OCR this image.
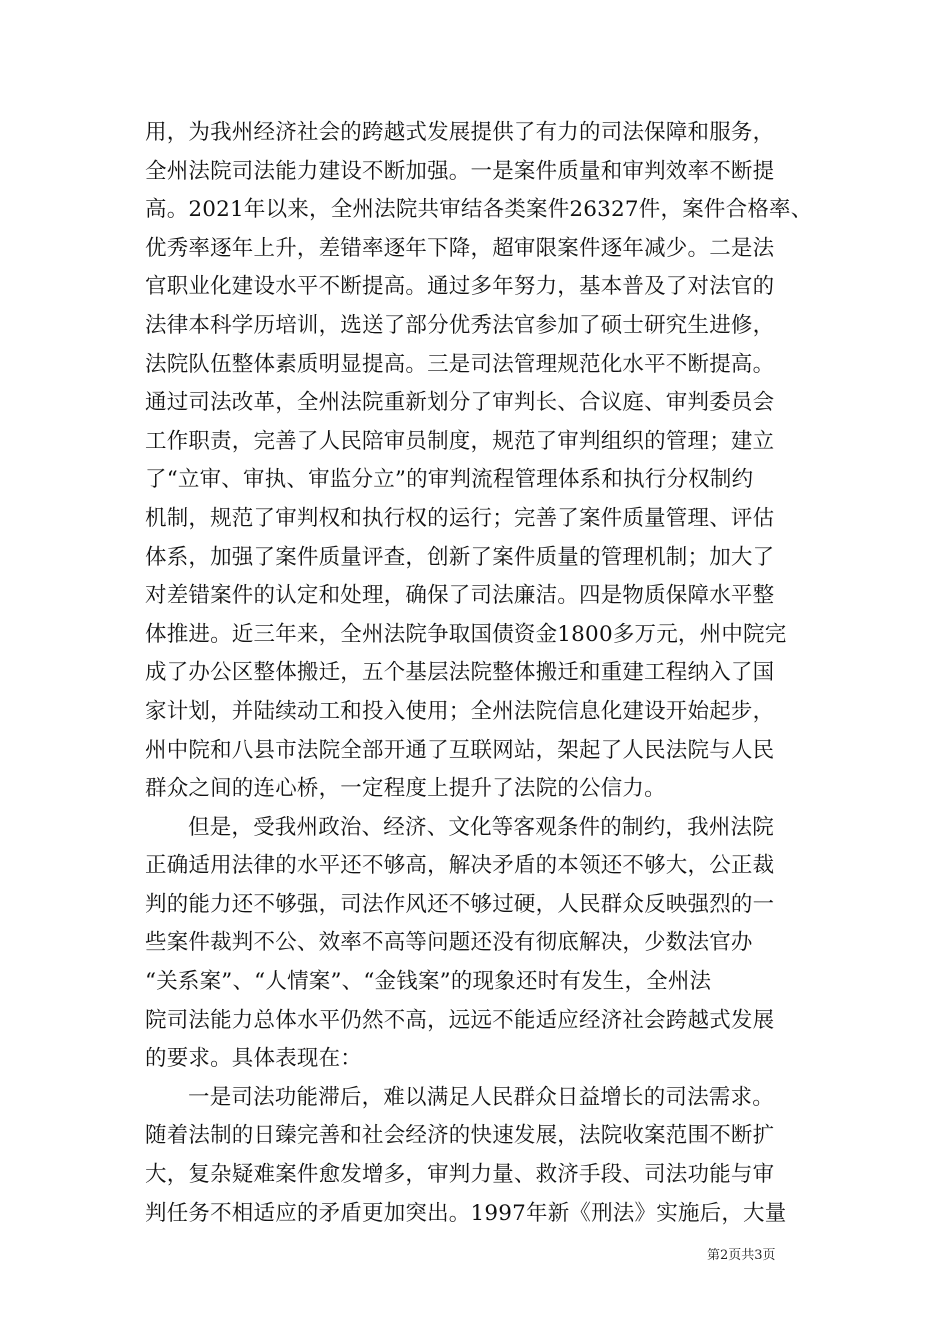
用，为我州经济社会的跨越式发展提供了有力的司法保障和服务，
全州法院司法能力建设不断加强。一是案件质量和审判效率不断提
高。2021年以来，全州法院共审结各类案件26327件，案件合格率、
优秀率逐年上升，差错率逐年下降，超审限案件逐年减少。二是法
官职业化建设水平不断提高。通过多年努力，基本普及了对法官的
法律本科学历培训，选送了部分优秀法官参加了硕士研究生进修，
法院队伍整体素质明显提高。三是司法管理规范化水平不断提高。
通过司法改革，全州法院重新划分了审判长、合议庭、审判委员会
工作职责，完善了人民陪审员制度，规范了审判组织的管理；建立
了“立审、审执、审监分立”的审判流程管理体系和执行分权制约
机制，规范了审判权和执行权的运行；完善了案件质量管理、评估
体系，加强了案件质量评查，创新了案件质量的管理机制；加大了
对差错案件的认定和处理，确保了司法廉洁。四是物质保障水平整
体推进。近三年来，全州法院争取国债资金1800多万元，州中院完
成了办公区整体搬迁，五个基层法院整体搬迁和重建工程纳入了国
家计划，并陆续动工和投入使用；全州法院信息化建设开始起步，
州中院和八县市法院全部开通了互联网站，架起了人民法院与人民
群众之间的连心桥，一定程度上提升了法院的公信力。
但是，受我州政治、经济、文化等客观条件的制约，我州法院
正确适用法律的水平还不够高，解决矛盾的本领还不够大，公正裁
判的能力还不够强，司法作风还不够过硬，人民群众反映强烈的一
些案件裁判不公、效率不高等问题还没有彻底解决，少数法官办
“关系案”、“人情案”、“金钱案”的现象还时有发生，全州法
院司法能力总体水平仍然不高，远远不能适应经济社会跨越式发展
的要求。具体表现在：
一是司法功能滞后，难以满足人民群众日益增长的司法需求。
随着法制的日臻完善和社会经济的快速发展，法院收案范围不断扩
大，复杂疑难案件愈发增多，审判力量、救济手段、司法功能与审
判任务不相适应的矛盾更加突出。1997年新《刑法》实施后，大量
第2页共3页
